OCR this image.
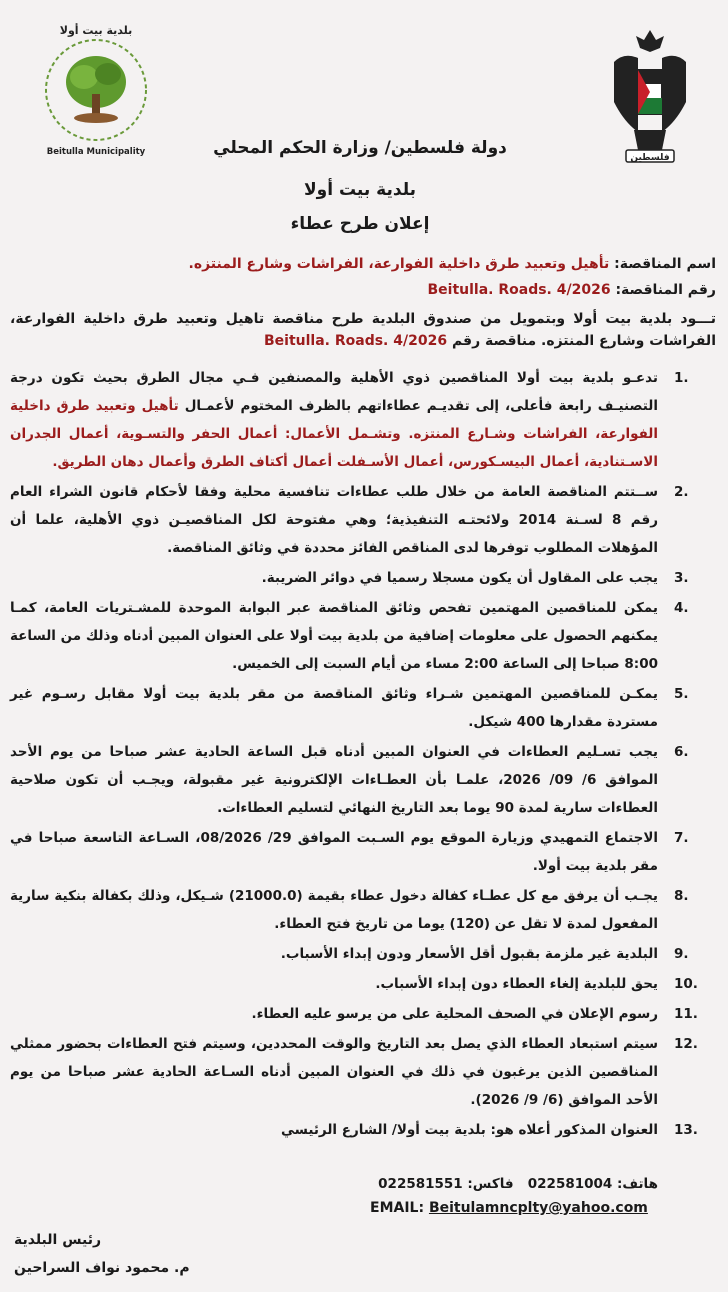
بلدية بيت أولا
Beitulla Municipality
فلسطين
دولة فلسطين/ وزارة الحكم المحلي
بلدية بيت أولا
إعلان طرح عطاء
اسم المناقصة: تأهيل وتعبيد طرق داخلية الفوارعة، الفراشات وشارع المنتزه.
رقم المناقصة: Beitulla. Roads. 4/2026
تـــود بلدية بيت أولا وبتمويل من صندوق البلدية طرح مناقصة تاهيل وتعبيد طرق داخلية الفوارعة، الفراشات وشارع المنتزه. مناقصة رقم Beitulla. Roads. 4/2026
1.
تدعـو بلدية بيت أولا المناقصين ذوي الأهلية والمصنفين فـي مجال الطرق بحيث تكون درجة التصنيـف رابعة فأعلى، إلى تقديـم عطاءاتهم بالظرف المختوم لأعمـال تأهيل وتعبيد طرق داخلية الفوارعة، الفراشات وشـارع المنتزه. وتشـمل الأعمال: أعمال الحفر والتسـوية، أعمال الجدران الاسـتنادية، أعمال البيسـكورس، أعمال الأسـفلت أعمال أكتاف الطرق وأعمال دهان الطريق.
2.
ســتتم المناقصة العامة من خلال طلب عطاءات تنافسية محلية وفقا لأحكام قانون الشراء العام رقم 8 لسـنة 2014 ولائحتـه التنفيذية؛ وهي مفتوحة لكل المناقصيـن ذوي الأهلية، علما أن المؤهلات المطلوب توفرها لدى المناقص الفائز محددة في وثائق المناقصة.
3.
يجب على المقاول أن يكون مسجلا رسميا في دوائر الضريبة.
4.
يمكن للمناقصين المهتمين تفحص وثائق المناقصة عبر البوابة الموحدة للمشـتريات العامة، كمـا يمكنهم الحصول على معلومات إضافية من بلدية بيت أولا على العنوان المبين أدناه وذلك من الساعة 8:00 صباحا إلى الساعة 2:00 مساء من أيام السبت إلى الخميس.
5.
يمكـن للمناقصين المهتمين شـراء وثائق المناقصة من مقر بلدية بيت أولا مقابل رسـوم غير مستردة مقدارها 400 شيكل.
6.
يجب تسـليم العطاءات في العنوان المبين أدناه قبل الساعة الحادية عشر صباحا من يوم الأحد الموافق 6/ 09/ 2026، علمـا بأن العطـاءات الإلكترونية غير مقبولة، ويجـب أن تكون صلاحية العطاءات سارية لمدة 90 يوما بعد التاريخ النهائي لتسليم العطاءات.
7.
الاجتماع التمهيدي وزيارة الموقع يوم السـبت الموافق 29/ 08/2026، السـاعة التاسعة صباحا في مقر بلدية بيت أولا.
8.
يجـب أن يرفق مع كل عطـاء كفالة دخول عطاء بقيمة (21000.0) شـيكل، وذلك بكفالة بنكية سارية المفعول لمدة لا تقل عن (120) يوما من تاريخ فتح العطاء.
9.
البلدية غير ملزمة بقبول أقل الأسعار ودون إبداء الأسباب.
10.
يحق للبلدية إلغاء العطاء دون إبداء الأسباب.
11.
رسوم الإعلان في الصحف المحلية على من يرسو عليه العطاء.
12.
سيتم استبعاد العطاء الذي يصل بعد التاريخ والوقت المحددين، وسيتم فتح العطاءات بحضور ممثلي المناقصين الذين يرغبون في ذلك في العنوان المبين أدناه السـاعة الحادية عشر صباحا من يوم الأحد الموافق (6/ 9/ 2026).
13.
العنوان المذكور أعلاه هو: بلدية بيت أولا/ الشارع الرئيسي
هاتف: 022581004   فاكس: 022581551
EMAIL: Beitulamncplty@yahoo.com
رئيس البلدية
م. محمود نواف السراحين
